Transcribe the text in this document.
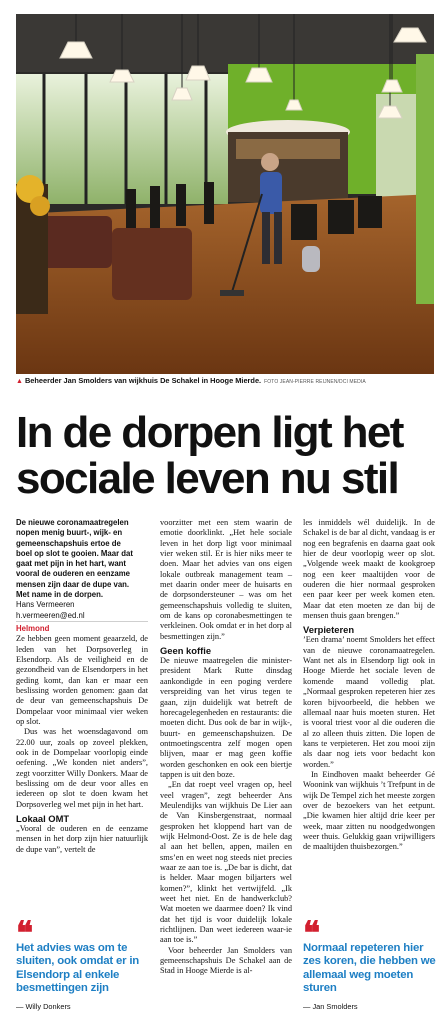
▲ Beheerder Jan Smolders van wijkhuis De Schakel in Hooge Mierde. FOTO JEAN-PIERRE REIJNEN/DCI MEDIA
In de dorpen ligt het
sociale leven nu stil

De nieuwe coronamaatregelen
nopen menig buurt-, wijk- en
gemeenschapshuis ertoe de
boel op slot te gooien. Maar dat
gaat met pijn in het hart, want
vooral de ouderen en eenzame
mensen zijn daar de dupe van.
Met name in de dorpen.

Hans Vermeeren
h.vermeeren@ed.nl

Helmond

Ze hebben geen moment geaarzeld, de leden van het Dorpsoverleg in Elsendorp. Als de veiligheid en de gezondheid van de Elsendorpers in het geding komt, dan kan er maar een beslissing worden genomen: gaan dat de deur van gemeenschapshuis De Dompelaar voor minimaal vier weken op slot.

Dus was het woensdagavond om 22.00 uur, zoals op zoveel plekken, ook in de Dompelaar voorlopig einde oefening. „We konden niet anders”, zegt voorzitter Willy Donkers. Maar de beslissing om de deur voor alles en iedereen op slot te doen kwam het Dorpsoverleg wel met pijn in het hart.

Lokaal OMT

„Vooral de ouderen en de eenzame mensen in het dorp zijn hier natuurlijk de dupe van”, vertelt de

voorzitter met een stem waarin de emotie doorklinkt. „Het hele sociale leven in het dorp ligt voor minimaal vier weken stil. Er is hier niks meer te doen. Maar het advies van ons eigen lokale outbreak management team – met daarin onder meer de huisarts en de dorpsondersteuner – was om het gemeenschapshuis volledig te sluiten, om de kans op coronabesmettingen te verkleinen. Ook omdat er in het dorp al besmettingen zijn.”

Geen koffie

De nieuwe maatregelen die minister-president Mark Rutte dinsdag aankondigde in een poging verdere verspreiding van het virus tegen te gaan, zijn duidelijk wat betreft de horecagelegenheden en restaurants: die moeten dicht. Dus ook de bar in wijk-, buurt- en gemeenschapshuizen. De ontmoetingscentra zelf mogen open blijven, maar er mag geen koffie worden geschonken en ook een biertje tappen is uit den boze.

„En dat roept veel vragen op, heel veel vragen”, zegt beheerder Ans Meulendijks van wijkhuis De Lier aan de Van Kinsbergenstraat, normaal gesproken het kloppend hart van de wijk Helmond-Oost. Ze is de hele dag al aan het bellen, appen, mailen en sms’en en weet nog steeds niet precies waar ze aan toe is. „De bar is dicht, dat is helder. Maar mogen biljarters wel komen?”, klinkt het vertwijfeld. „Ik weet het niet. En de handwerkclub? Wat moeten we daarmee doen? Ik vind dat het tijd is voor duidelijk lokale richtlijnen. Dan weet iedereen waar-ie aan toe is.”

Voor beheerder Jan Smolders van gemeenschapshuis De Schakel aan de Stad in Hooge Mierde is al-

les inmiddels wél duidelijk. In de Schakel is de bar al dicht, vandaag is er nog een begrafenis en daarna gaat ook hier de deur voorlopig weer op slot. „Volgende week maakt de kookgroep nog een keer maaltijden voor de ouderen die hier normaal gesproken een paar keer per week komen eten. Maar dat eten moeten ze dan bij de mensen thuis gaan brengen.”

Verpieteren

’Een drama’ noemt Smolders het effect van de nieuwe coronamaatregelen. Want net als in Elsendorp ligt ook in Hooge Mierde het sociale leven de komende maand volledig plat. „Normaal gesproken repeteren hier zes koren bijvoorbeeld, die hebben we allemaal naar huis moeten sturen. Het is vooral triest voor al die ouderen die al zo alleen thuis zitten. Die lopen de kans te verpieteren. Het zou mooi zijn als daar nog iets voor bedacht kon worden.”

In Eindhoven maakt beheerder Gé Woonink van wijkhuis ’t Trefpunt in de wijk De Tempel zich het meeste zorgen over de bezoekers van het eetpunt. „Die kwamen hier altijd drie keer per week, maar zitten nu noodgedwongen weer thuis. Gelukkig gaan vrijwilligers de maaltijden thuisbezorgen.”

❝
Het advies was om te sluiten, ook omdat er in Elsendorp al enkele besmettingen zijn
— Willy Donkers
❝
Normaal repeteren hier zes koren, die hebben we allemaal weg moeten sturen
— Jan Smolders
